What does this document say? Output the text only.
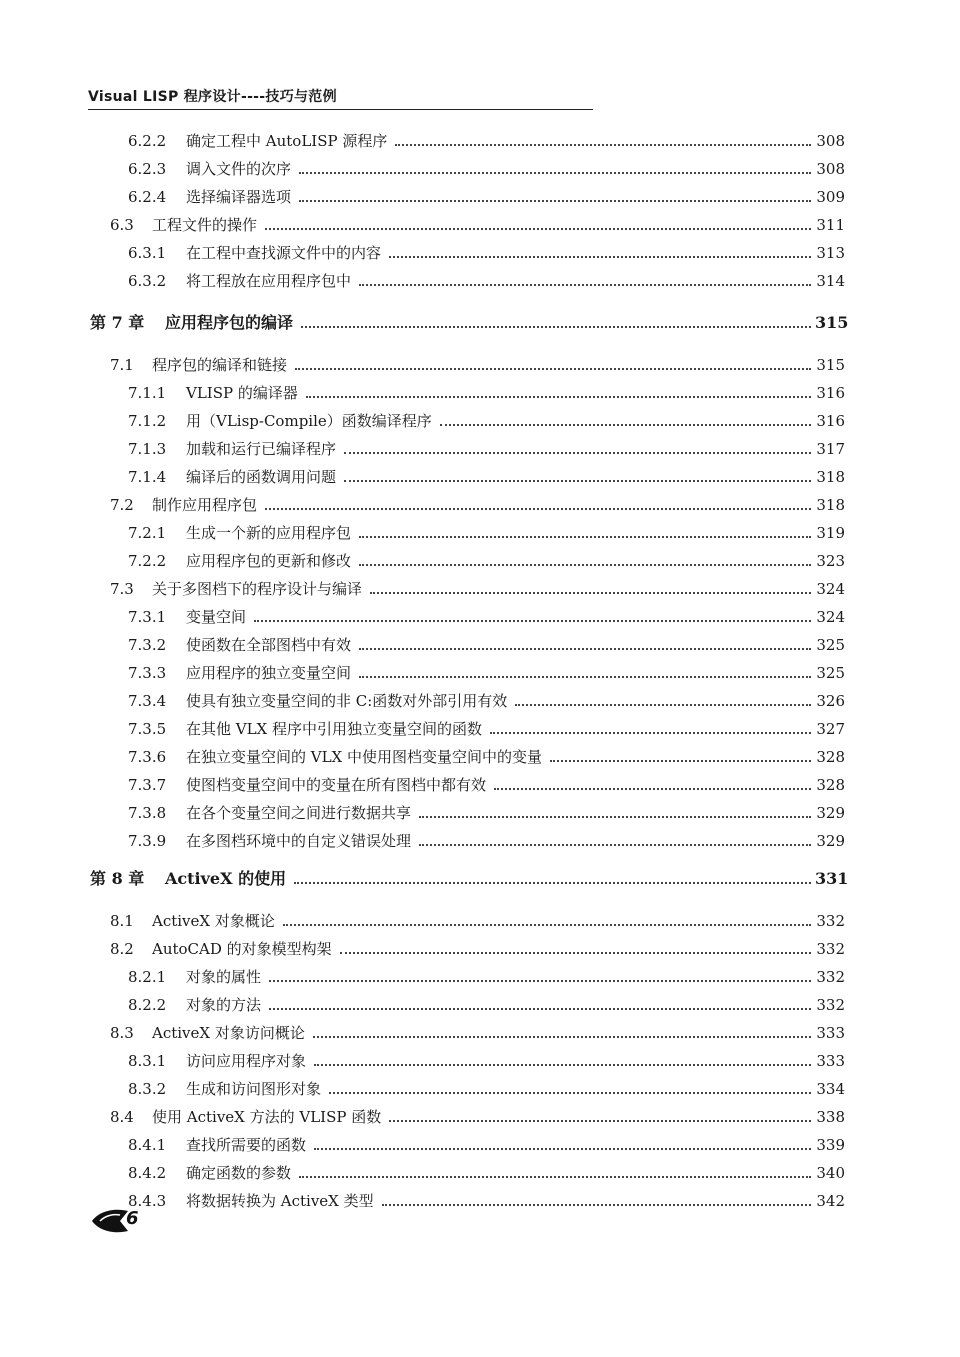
Visual LISP 程序设计----技巧与范例
6.2.2	确定工程中 AutoLISP 源程序	308
6.2.3	调入文件的次序	308
6.2.4	选择编译器选项	309
6.3	工程文件的操作	311
6.3.1	在工程中查找源文件中的内容	313
6.3.2	将工程放在应用程序包中	314
第 7 章	应用程序包的编译	315
7.1	程序包的编译和链接	315
7.1.1	VLISP 的编译器	316
7.1.2	用（VLisp-Compile）函数编译程序	316
7.1.3	加载和运行已编译程序	317
7.1.4	编译后的函数调用问题	318
7.2	制作应用程序包	318
7.2.1	生成一个新的应用程序包	319
7.2.2	应用程序包的更新和修改	323
7.3	关于多图档下的程序设计与编译	324
7.3.1	变量空间	324
7.3.2	使函数在全部图档中有效	325
7.3.3	应用程序的独立变量空间	325
7.3.4	使具有独立变量空间的非 C:函数对外部引用有效	326
7.3.5	在其他 VLX 程序中引用独立变量空间的函数	327
7.3.6	在独立变量空间的 VLX 中使用图档变量空间中的变量	328
7.3.7	使图档变量空间中的变量在所有图档中都有效	328
7.3.8	在各个变量空间之间进行数据共享	329
7.3.9	在多图档环境中的自定义错误处理	329
第 8 章	ActiveX 的使用	331
8.1	ActiveX 对象概论	332
8.2	AutoCAD 的对象模型构架	332
8.2.1	对象的属性	332
8.2.2	对象的方法	332
8.3	ActiveX 对象访问概论	333
8.3.1	访问应用程序对象	333
8.3.2	生成和访问图形对象	334
8.4	使用 ActiveX 方法的 VLISP 函数	338
8.4.1	查找所需要的函数	339
8.4.2	确定函数的参数	340
8.4.3	将数据转换为 ActiveX 类型	342
6
